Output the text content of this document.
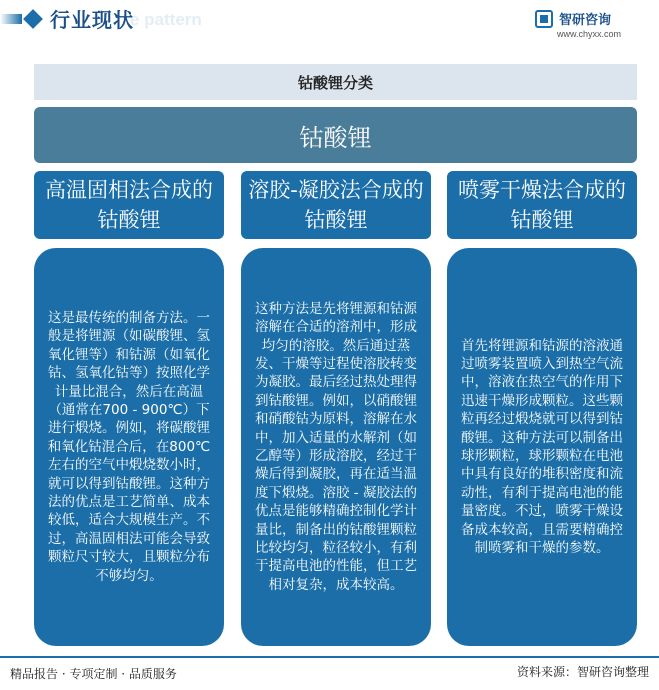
行业现状
e pattern	智研咨询
www.chyxx.com
钴酸锂分类
钴酸锂
高温固相法合成的钴酸锂
溶胶-凝胶法合成的钴酸锂
喷雾干燥法合成的钴酸锂
这是最传统的制备方法。一般是将锂源（如碳酸锂、氢氧化锂等）和钴源（如氧化钴、氢氧化钴等）按照化学计量比混合，然后在高温（通常在700 - 900℃）下进行煅烧。例如，将碳酸锂和氧化钴混合后，在800℃左右的空气中煅烧数小时，就可以得到钴酸锂。这种方法的优点是工艺简单、成本较低，适合大规模生产。不过，高温固相法可能会导致颗粒尺寸较大，且颗粒分布不够均匀。
这种方法是先将锂源和钴源溶解在合适的溶剂中，形成均匀的溶胶。然后通过蒸发、干燥等过程使溶胶转变为凝胶。最后经过热处理得到钴酸锂。例如，以硝酸锂和硝酸钴为原料，溶解在水中，加入适量的水解剂（如乙醇等）形成溶胶，经过干燥后得到凝胶，再在适当温度下煅烧。溶胶 - 凝胶法的优点是能够精确控制化学计量比，制备出的钴酸锂颗粒比较均匀，粒径较小，有利于提高电池的性能，但工艺相对复杂，成本较高。
首先将锂源和钴源的溶液通过喷雾装置喷入到热空气流中，溶液在热空气的作用下迅速干燥形成颗粒。这些颗粒再经过煅烧就可以得到钴酸锂。这种方法可以制备出球形颗粒，球形颗粒在电池中具有良好的堆积密度和流动性，有利于提高电池的能量密度。不过，喷雾干燥设备成本较高，且需要精确控制喷雾和干燥的参数。
精品报告 · 专项定制 · 品质服务	资料来源：智研咨询整理
